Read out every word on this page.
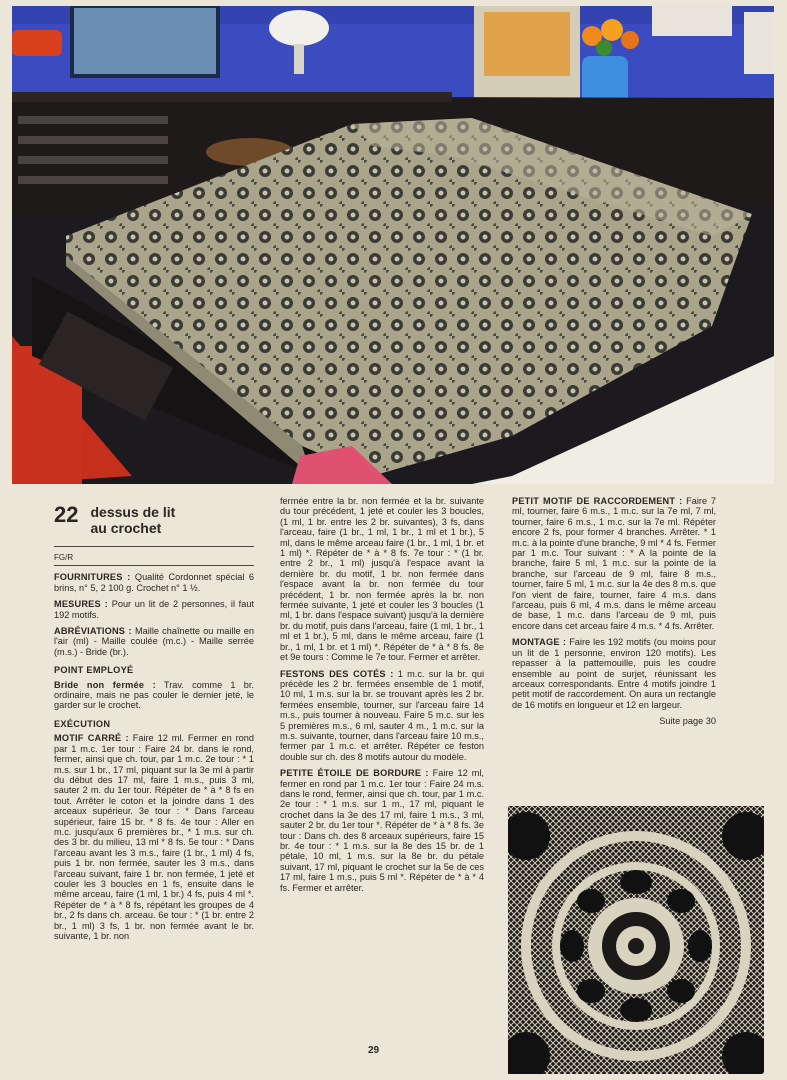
22 dessus de lit
au crochet
FG/R

FOURNITURES : Qualité Cordonnet spécial 6 brins, n° 5, 2 100 g. Crochet n° 1 ½.

MESURES : Pour un lit de 2 personnes, il faut 192 motifs.

ABRÉVIATIONS : Maille chaînette ou maille en l'air (ml) - Maille coulée (m.c.) - Maille serrée (m.s.) - Bride (br.).

POINT EMPLOYÉ

Bride non fermée : Trav. comme 1 br. ordinaire, mais ne pas couler le dernier jeté, le garder sur le crochet.

EXÉCUTION

MOTIF CARRÉ : Faire 12 ml. Fermer en rond par 1 m.c. 1er tour : Faire 24 br. dans le rond, fermer, ainsi que ch. tour, par 1 m.c. 2e tour : * 1 m.s. sur 1 br., 17 ml, piquant sur la 3e ml à partir du début des 17 ml, faire 1 m.s., puis 3 ml, sauter 2 m. du 1er tour. Répéter de * à * 8 fs en tout. Arrêter le coton et la joindre dans 1 des arceaux supérieur. 3e tour : * Dans l'arceau supérieur, faire 15 br. * 8 fs. 4e tour : Aller en m.c. jusqu'aux 6 premières br., * 1 m.s. sur ch. des 3 br. du milieu, 13 ml * 8 fs. 5e tour : * Dans l'arceau avant les 3 m.s., faire (1 br., 1 ml) 4 fs, puis 1 br. non fermée, sauter les 3 m.s., dans l'arceau suivant, faire 1 br. non fermée, 1 jeté et couler les 3 boucles en 1 fs, ensuite dans le même arceau, faire (1 ml, 1 br.) 4 fs, puis 4 ml *. Répéter de * à * 8 fs, répétant les groupes de 4 br., 2 fs dans ch. arceau. 6e tour : * (1 br. entre 2 br., 1 ml) 3 fs, 1 br. non fermée avant le br. suivante, 1 br. non

fermée entre la br. non fermée et la br. suivante du tour précédent, 1 jeté et couler les 3 boucles, (1 ml, 1 br. entre les 2 br. suivantes), 3 fs, dans l'arceau, faire (1 br., 1 ml, 1 br., 1 ml et 1 br.), 5 ml, dans le même arceau faire (1 br., 1 ml, 1 br. et 1 ml) *. Répéter de * à * 8 fs. 7e tour : * (1 br. entre 2 br., 1 ml) jusqu'à l'espace avant la dernière br. du motif, 1 br. non fermée dans l'espace avant la br. non fermée du tour précédent, 1 br. non fermée après la br. non fermée suivante, 1 jeté et couler les 3 boucles (1 ml, 1 br. dans l'espace suivant) jusqu'à la dernière br. du motif, puis dans l'arceau, faire (1 ml, 1 br., 1 ml et 1 br.), 5 ml, dans le même arceau, faire (1 br., 1 ml, 1 br. et 1 ml) *. Répéter de * à * 8 fs. 8e et 9e tours : Comme le 7e tour. Fermer et arrêter.

FESTONS DES COTÉS : 1 m.c. sur la br. qui précède les 2 br. fermées ensemble de 1 motif, 10 ml, 1 m.s. sur la br. se trouvant après les 2 br. fermées ensemble, tourner, sur l'arceau faire 14 m.s., puis tourner à nouveau. Faire 5 m.c. sur les 5 premières m.s., 6 ml, sauter 4 m., 1 m.c. sur la m.s. suivante, tourner, dans l'arceau faire 10 m.s., fermer par 1 m.c. et arrêter. Répéter ce feston double sur ch. des 8 motifs autour du modèle.

PETITE ÉTOILE DE BORDURE : Faire 12 ml, fermer en rond par 1 m.c. 1er tour : Faire 24 m.s. dans le rond, fermer, ainsi que ch. tour, par 1 m.c. 2e tour : * 1 m.s. sur 1 m., 17 ml, piquant le crochet dans la 3e des 17 ml, faire 1 m.s., 3 ml, sauter 2 br. du 1er tour *. Répéter de * à * 8 fs. 3e tour : Dans ch. des 8 arceaux supérieurs, faire 15 br. 4e tour : * 1 m.s. sur la 8e des 15 br. de 1 pétale, 10 ml, 1 m.s. sur la 8e br. du pétale suivant, 17 ml, piquant le crochet sur la 5e de ces 17 ml, faire 1 m.s., puis 5 ml *. Répéter de * à * 4 fs. Fermer et arrêter.

PETIT MOTIF DE RACCORDEMENT : Faire 7 ml, tourner, faire 6 m.s., 1 m.c. sur la 7e ml, 7 ml, tourner, faire 6 m.s., 1 m.c. sur la 7e ml. Répéter encore 2 fs, pour former 4 branches. Arrêter. * 1 m.c. à la pointe d'une branche, 9 ml * 4 fs. Fermer par 1 m.c. Tour suivant : * A la pointe de la branche, faire 5 ml, 1 m.c. sur la pointe de la branche, sur l'arceau de 9 ml, faire 8 m.s., tourner, faire 5 ml, 1 m.c. sur la 4e des 8 m.s. que l'on vient de faire, tourner, faire 4 m.s. dans l'arceau, puis 6 ml, 4 m.s. dans le même arceau de base, 1 m.c. dans l'arceau de 9 ml, puis encore dans cet arceau faire 4 m.s. * 4 fs. Arrêter.

MONTAGE : Faire les 192 motifs (ou moins pour un lit de 1 personne, environ 120 motifs). Les repasser à la pattemouille, puis les coudre ensemble au point de surjet, réunissant les arceaux correspondants. Entre 4 motifs joindre 1 petit motif de raccordement. On aura un rectangle de 16 motifs en longueur et 12 en largeur.

Suite page 30
29
